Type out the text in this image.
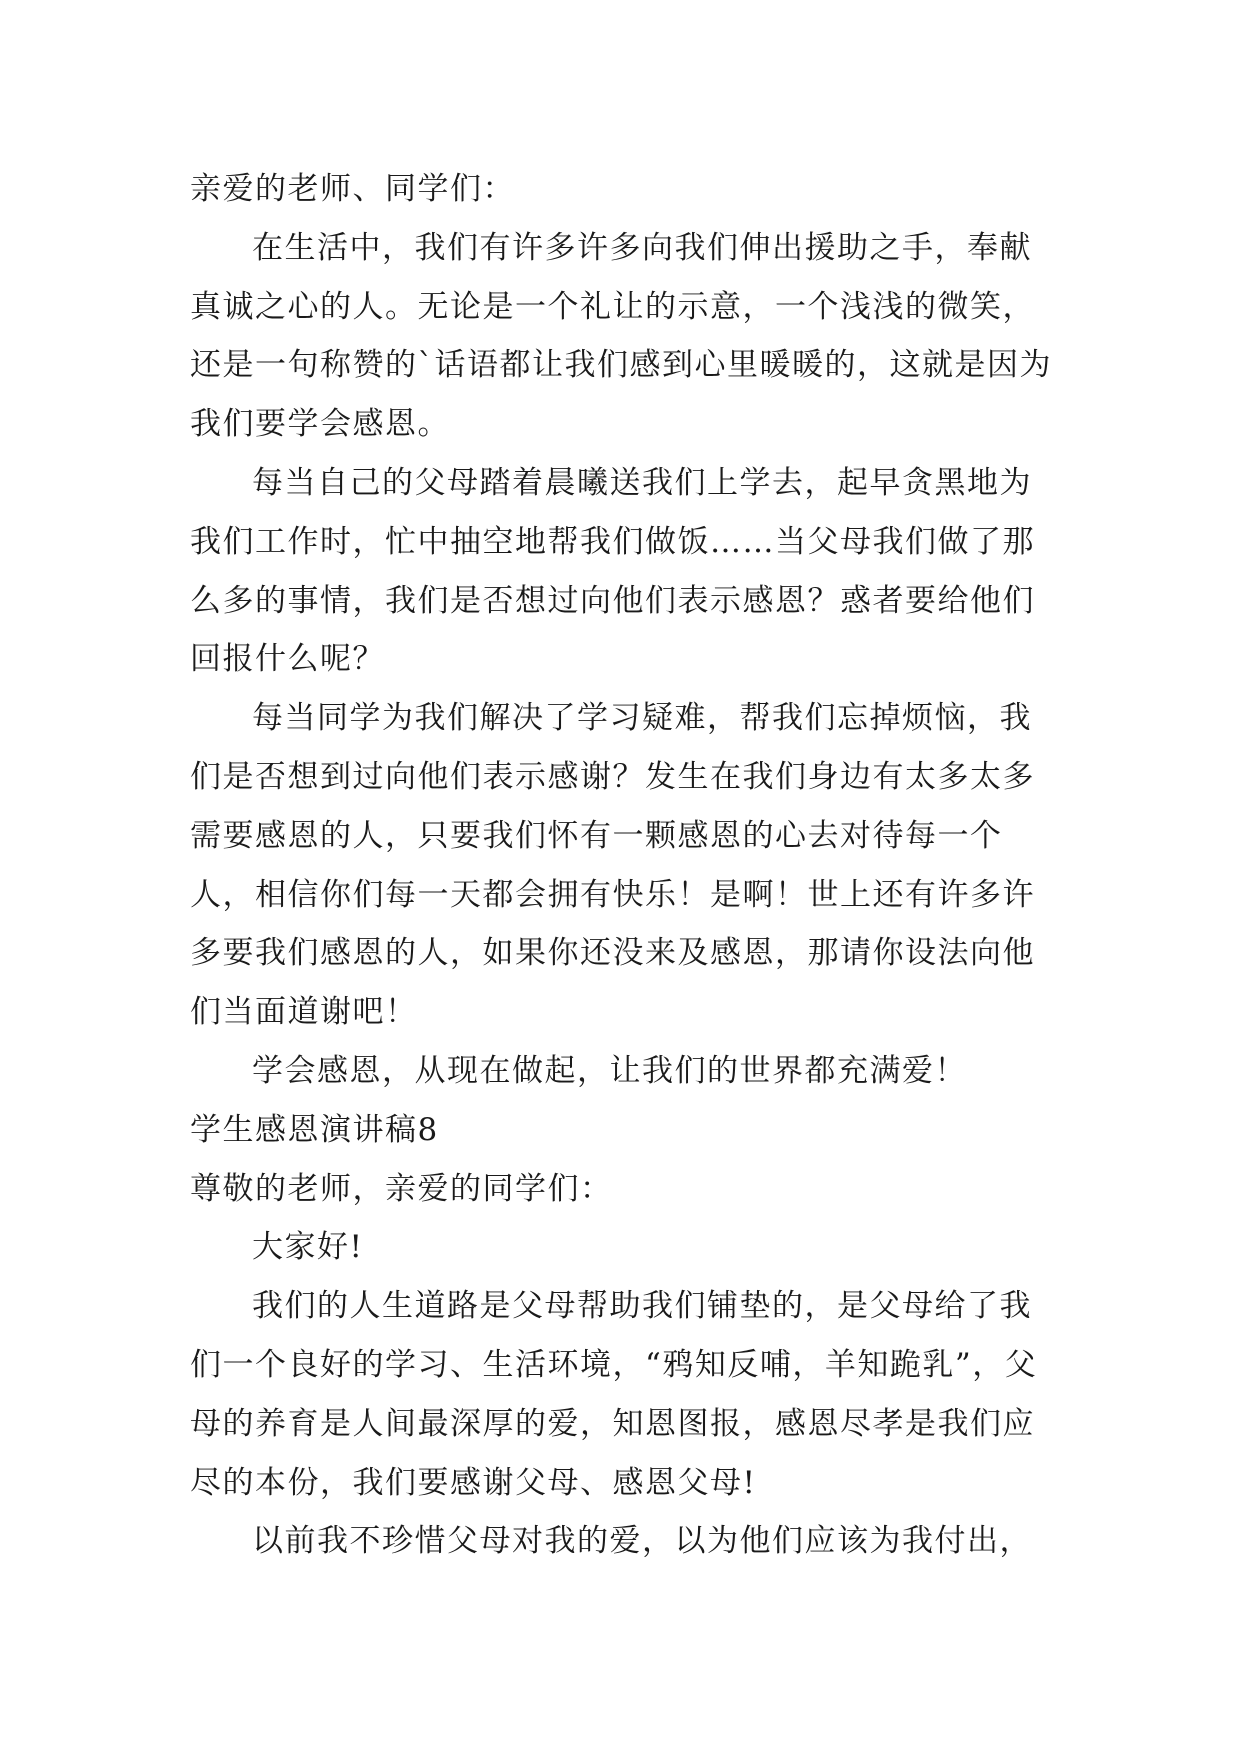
亲爱的老师、同学们：

在生活中，我们有许多许多向我们伸出援助之手，奉献真诚之心的人。无论是一个礼让的示意，一个浅浅的微笑，还是一句称赞的`话语都让我们感到心里暖暖的，这就是因为我们要学会感恩。

每当自己的父母踏着晨曦送我们上学去，起早贪黑地为我们工作时，忙中抽空地帮我们做饭……当父母我们做了那么多的事情，我们是否想过向他们表示感恩？惑者要给他们回报什么呢？

每当同学为我们解决了学习疑难，帮我们忘掉烦恼，我们是否想到过向他们表示感谢？发生在我们身边有太多太多需要感恩的人，只要我们怀有一颗感恩的心去对待每一个人，相信你们每一天都会拥有快乐！是啊！世上还有许多许多要我们感恩的人，如果你还没来及感恩，那请你设法向他们当面道谢吧！

学会感恩，从现在做起，让我们的世界都充满爱！

学生感恩演讲稿8

尊敬的老师，亲爱的同学们：

大家好!

我们的人生道路是父母帮助我们铺垫的，是父母给了我们一个良好的学习、生活环境，“鸦知反哺，羊知跪乳”，父母的养育是人间最深厚的爱，知恩图报，感恩尽孝是我们应尽的本份，我们要感谢父母、感恩父母!

以前我不珍惜父母对我的爱，以为他们应该为我付出，
